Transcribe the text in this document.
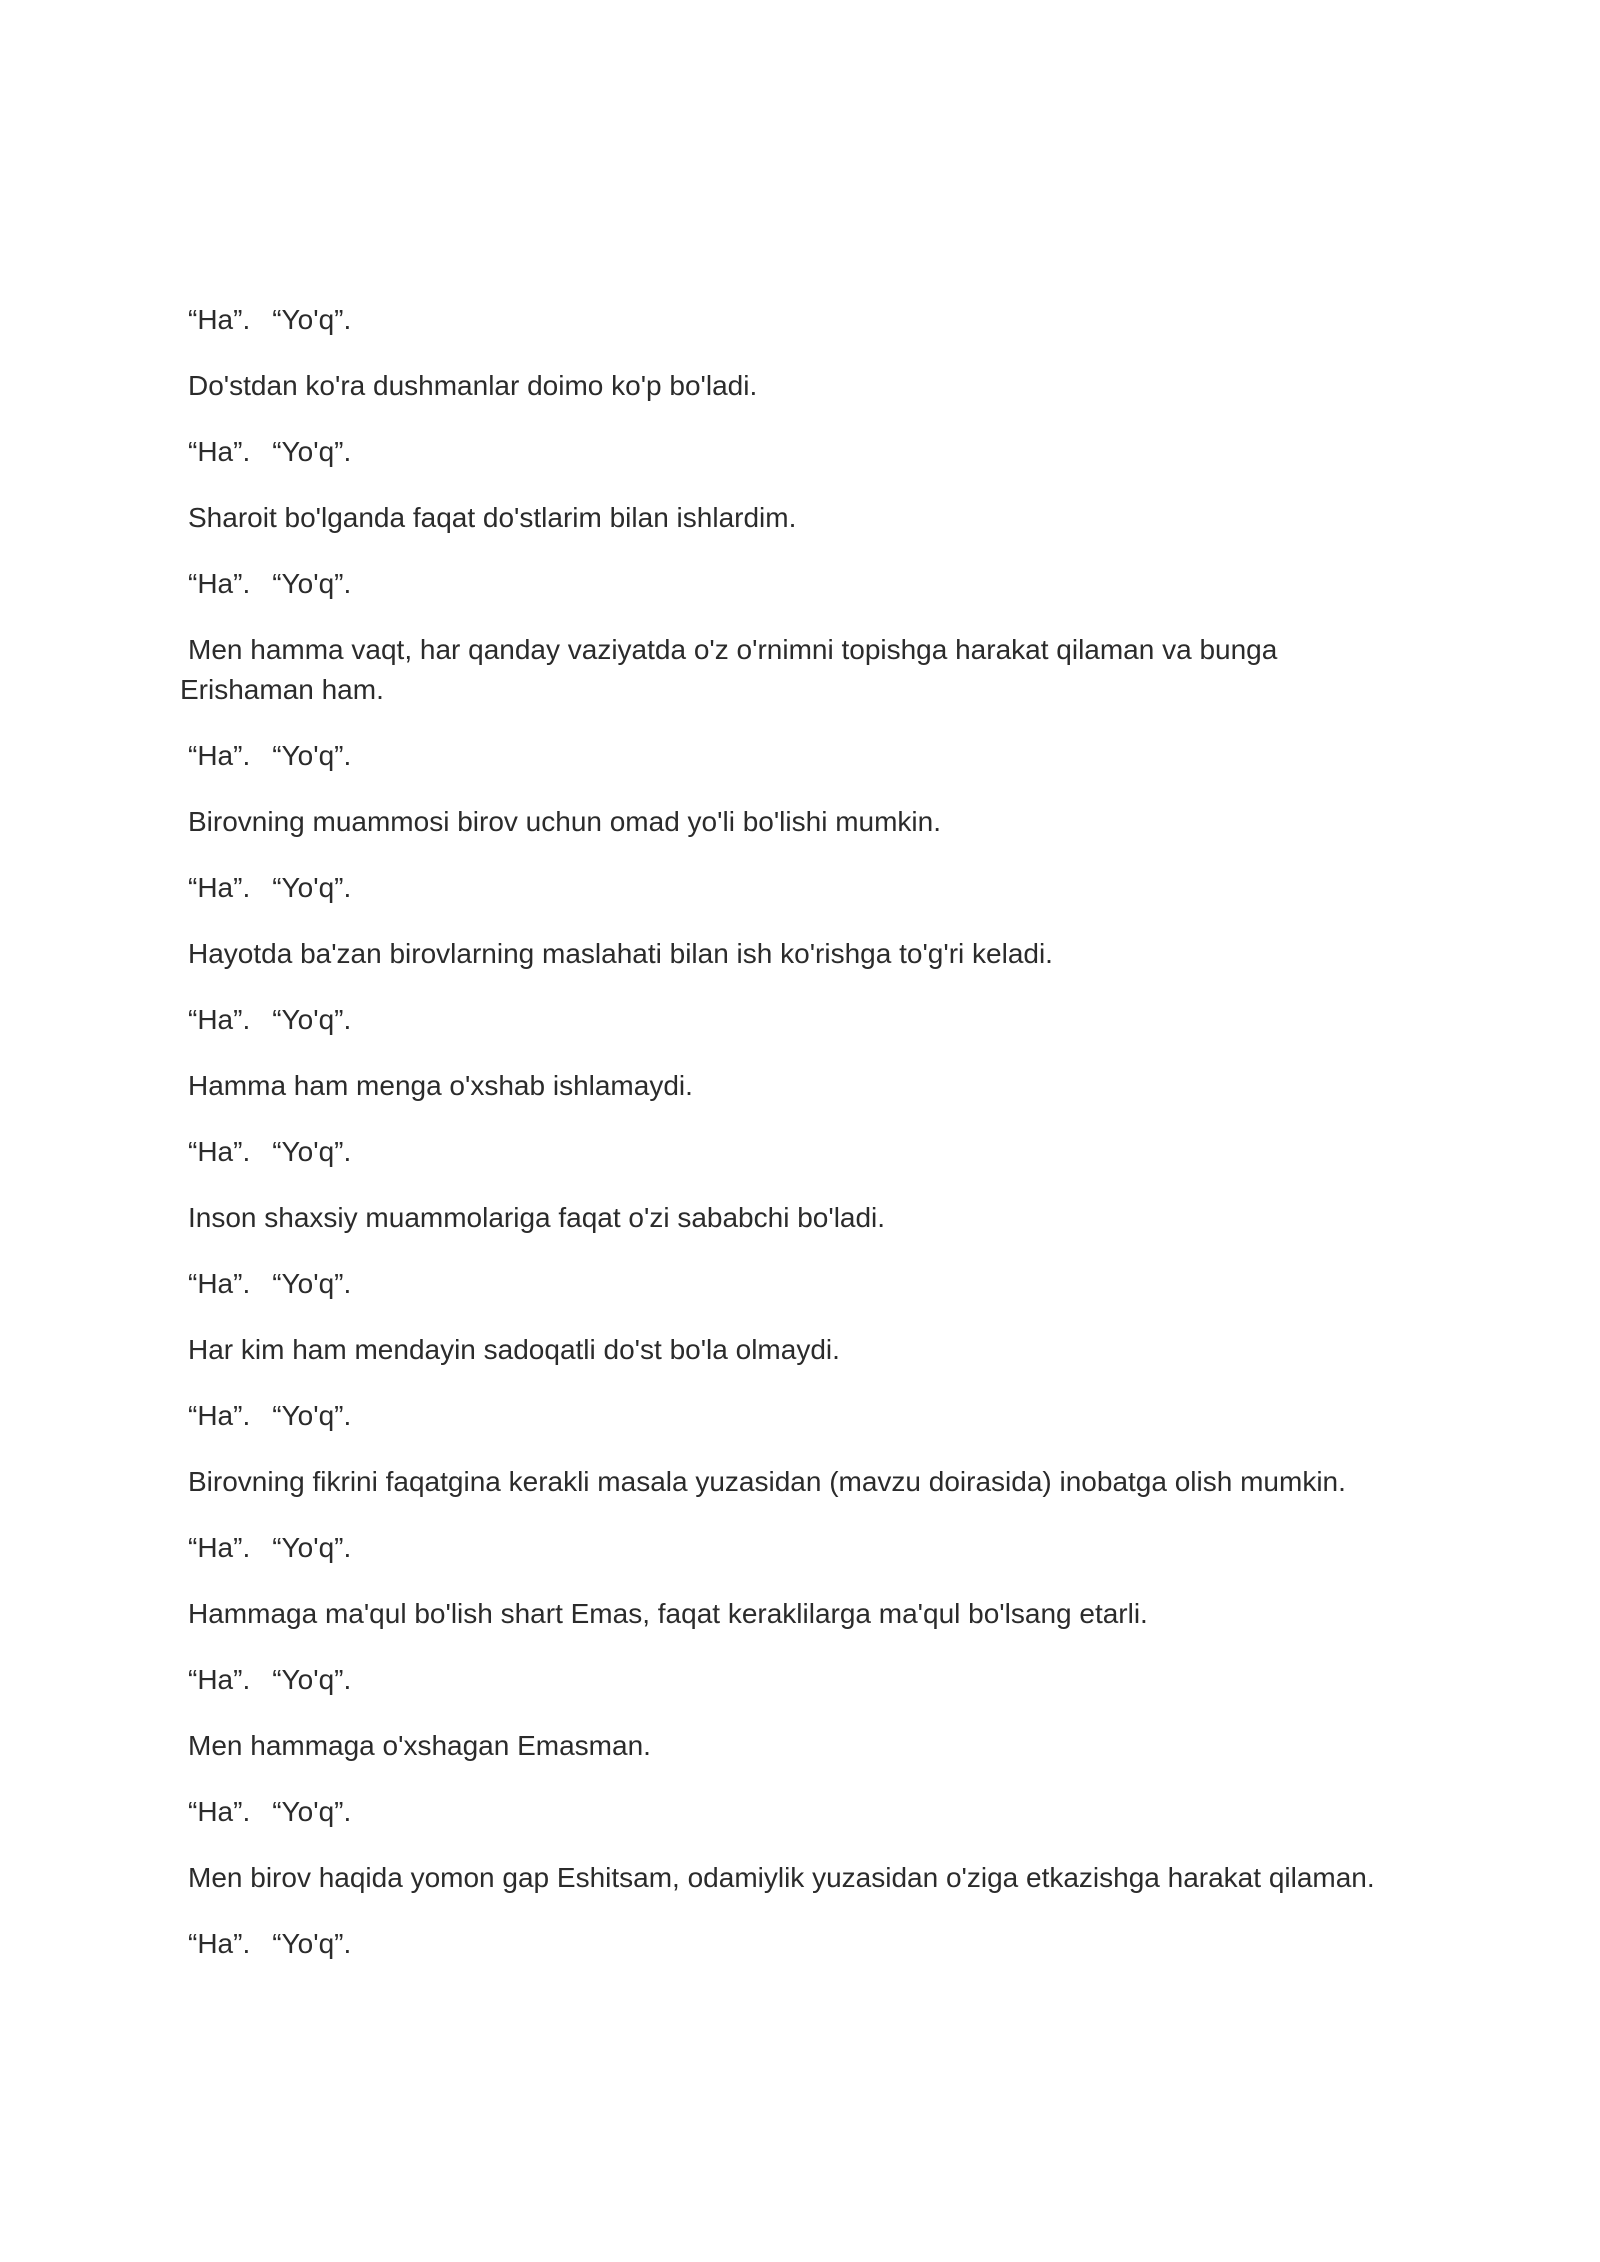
“Ha”. “Yo'q”.

Do'stdan ko'ra dushmanlar doimo ko'p bo'ladi.

“Ha”. “Yo'q”.

Sharoit bo'lganda faqat do'stlarim bilan ishlardim.

“Ha”. “Yo'q”.

Men hamma vaqt, har qanday vaziyatda o'z o'rnimni topishga harakat qilaman va bunga
Erishaman ham.

“Ha”. “Yo'q”.

Birovning muammosi birov uchun omad yo'li bo'lishi mumkin.

“Ha”. “Yo'q”.

Hayotda ba'zan birovlarning maslahati bilan ish ko'rishga to'g'ri keladi.

“Ha”. “Yo'q”.

Hamma ham menga o'xshab ishlamaydi.

“Ha”. “Yo'q”.

Inson shaxsiy muammolariga faqat o'zi sababchi bo'ladi.

“Ha”. “Yo'q”.

Har kim ham mendayin sadoqatli do'st bo'la olmaydi.

“Ha”. “Yo'q”.

Birovning fikrini faqatgina kerakli masala yuzasidan (mavzu doirasida) inobatga olish mumkin.

“Ha”. “Yo'q”.

Hammaga ma'qul bo'lish shart Emas, faqat keraklilarga ma'qul bo'lsang etarli.

“Ha”. “Yo'q”.

Men hammaga o'xshagan Emasman.

“Ha”. “Yo'q”.

Men birov haqida yomon gap Eshitsam, odamiylik yuzasidan o'ziga etkazishga harakat qilaman.

“Ha”. “Yo'q”.
